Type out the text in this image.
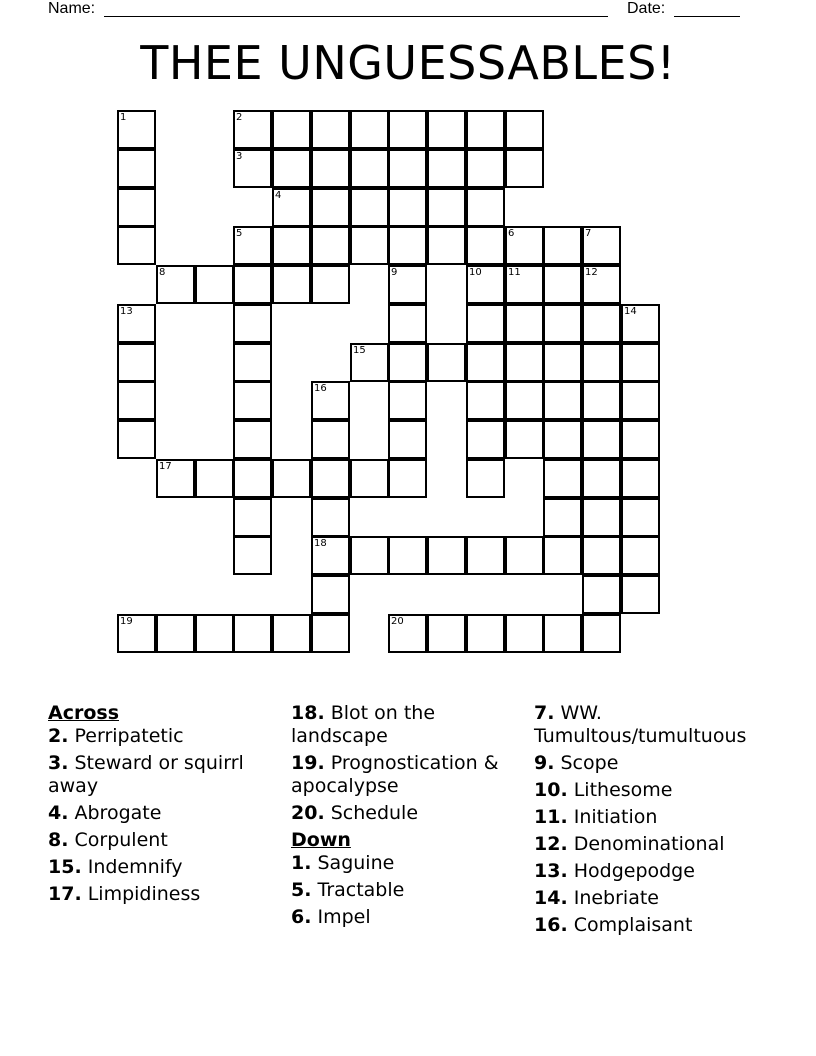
Name:	Date:
THEE UNGUESSABLES!
1	2
3
4
5	6	7
8	9	10	11	12
13	14
15
16
17
18
19	20
Across
2. Perripatetic
3. Steward or squirrl away
4. Abrogate
8. Corpulent
15. Indemnify
17. Limpidiness
18. Blot on the landscape
19. Prognostication & apocalypse
20. Schedule
Down
1. Saguine
5. Tractable
6. Impel
7. WW. Tumultous/tumultuous
9. Scope
10. Lithesome
11. Initiation
12. Denominational
13. Hodgepodge
14. Inebriate
16. Complaisant
